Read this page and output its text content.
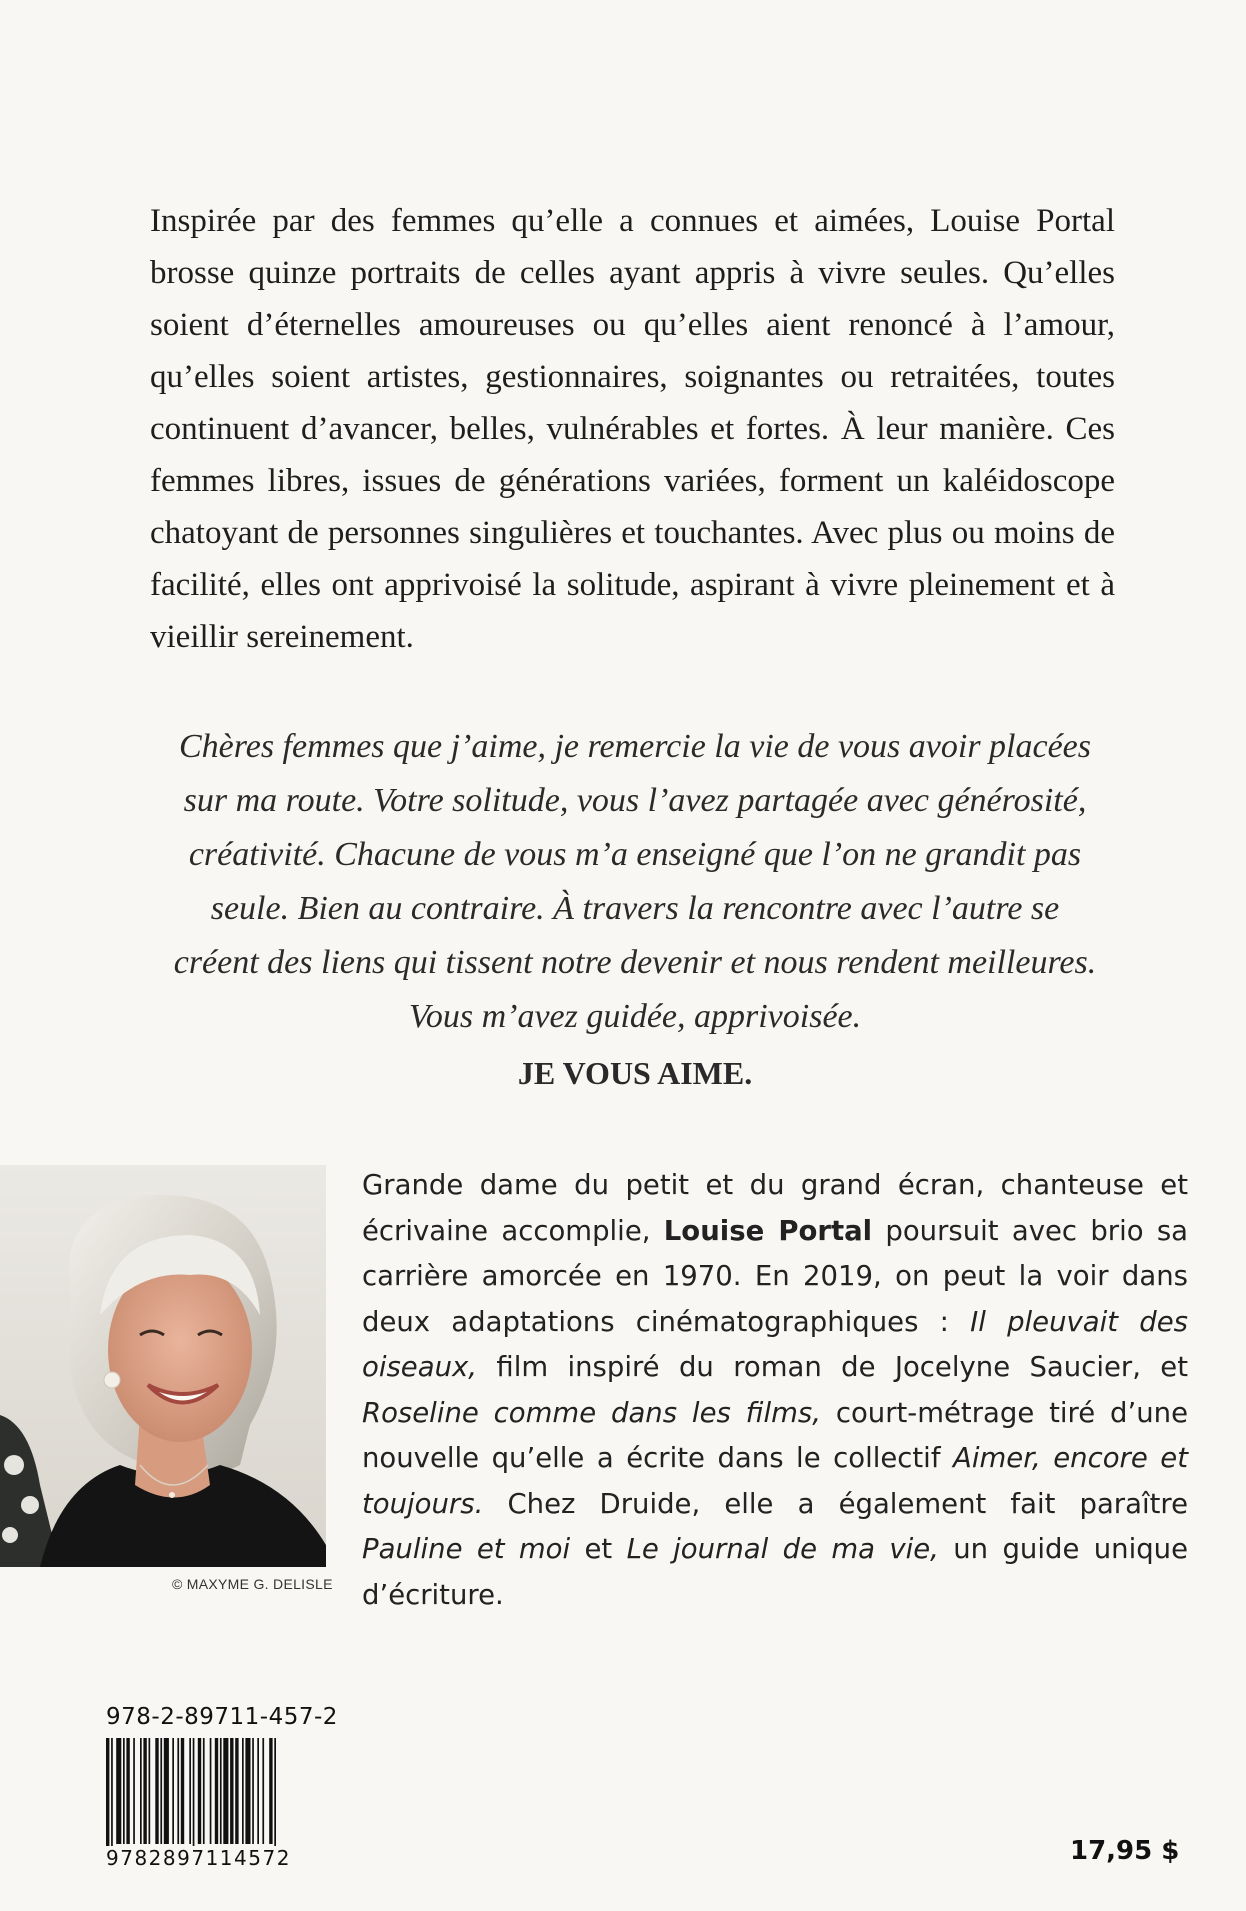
Inspirée par des femmes qu’elle a connues et aimées, Louise Portal brosse quinze portraits de celles ayant appris à vivre seules. Qu’elles soient d’éternelles amoureuses ou qu’elles aient renoncé à l’amour, qu’elles soient artistes, gestionnaires, soignantes ou retraitées, toutes continuent d’avancer, belles, vulnérables et fortes. À leur manière. Ces femmes libres, issues de générations variées, forment un kaléidoscope chatoyant de personnes singulières et touchantes. Avec plus ou moins de facilité, elles ont apprivoisé la solitude, aspirant à vivre pleinement et à vieillir sereinement.

Chères femmes que j’aime, je remercie la vie de vous avoir placées
sur ma route. Votre solitude, vous l’avez partagée avec générosité,
créativité. Chacune de vous m’a enseigné que l’on ne grandit pas
seule. Bien au contraire. À travers la rencontre avec l’autre se
créent des liens qui tissent notre devenir et nous rendent meilleures.
Vous m’avez guidée, apprivoisée.
JE VOUS AIME.
© MAXYME G. DELISLE

Grande dame du petit et du grand écran, chanteuse et écrivaine accomplie, Louise Portal poursuit avec brio sa carrière amorcée en 1970. En 2019, on peut la voir dans deux adaptations cinématographiques : Il pleuvait des oiseaux, film inspiré du roman de Jocelyne Saucier, et Roseline comme dans les films, court-métrage tiré d’une nouvelle qu’elle a écrite dans le collectif Aimer, encore et toujours. Chez Druide, elle a également fait paraître Pauline et moi et Le journal de ma vie, un guide unique d’écriture.

978-2-89711-457-2
9782897114572	17,95 $
